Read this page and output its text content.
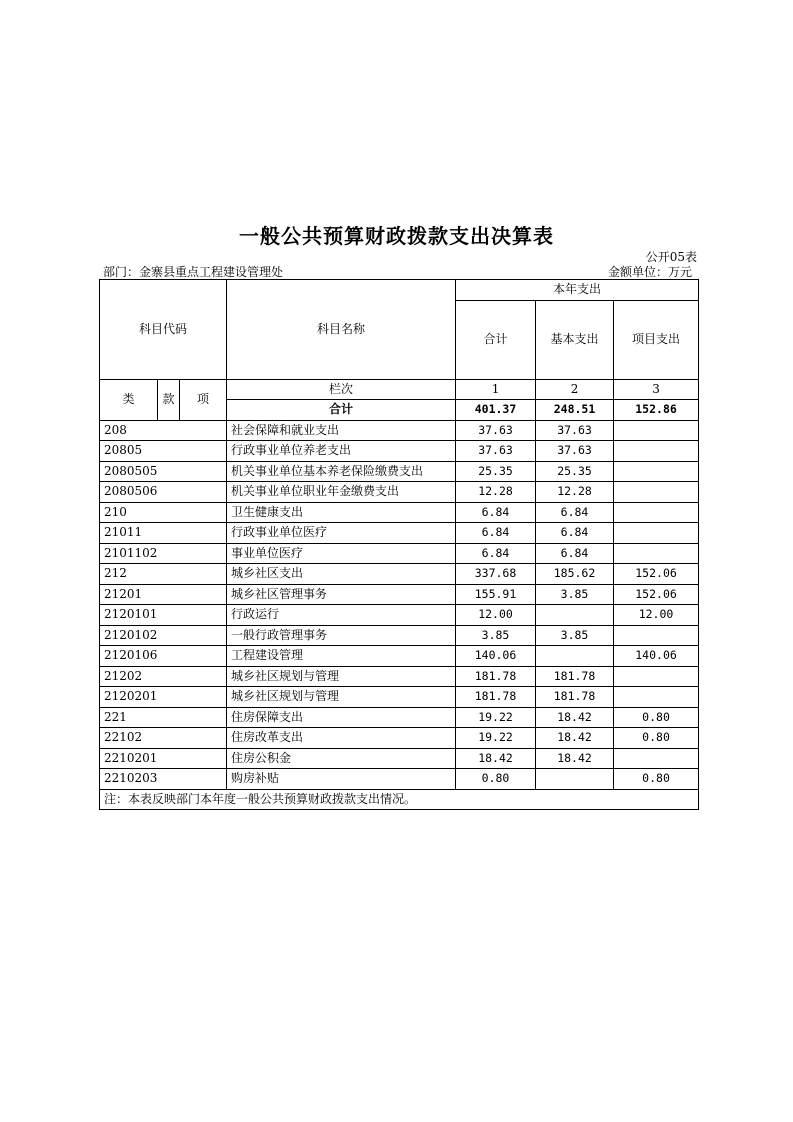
一般公共预算财政拨款支出决算表
公开05表
部门：金寨县重点工程建设管理处	金额单位：万元
科目代码			科目名称	本年支出		
				合计	基本支出	项目支出
类	款	项	栏次	1	2	3
			合计	401.37	248.51	152.86
208			社会保障和就业支出	37.63	37.63	
20805			行政事业单位养老支出	37.63	37.63	
2080505			机关事业单位基本养老保险缴费支出	25.35	25.35	
2080506			机关事业单位职业年金缴费支出	12.28	12.28	
210			卫生健康支出	6.84	6.84	
21011			行政事业单位医疗	6.84	6.84	
2101102			事业单位医疗	6.84	6.84	
212			城乡社区支出	337.68	185.62	152.06
21201			城乡社区管理事务	155.91	3.85	152.06
2120101			行政运行	12.00		12.00
2120102			一般行政管理事务	3.85	3.85	
2120106			工程建设管理	140.06		140.06
21202			城乡社区规划与管理	181.78	181.78	
2120201			城乡社区规划与管理	181.78	181.78	
221			住房保障支出	19.22	18.42	0.80
22102			住房改革支出	19.22	18.42	0.80
2210201			住房公积金	18.42	18.42	
2210203			购房补贴	0.80		0.80
注：本表反映部门本年度一般公共预算财政拨款支出情况。						
